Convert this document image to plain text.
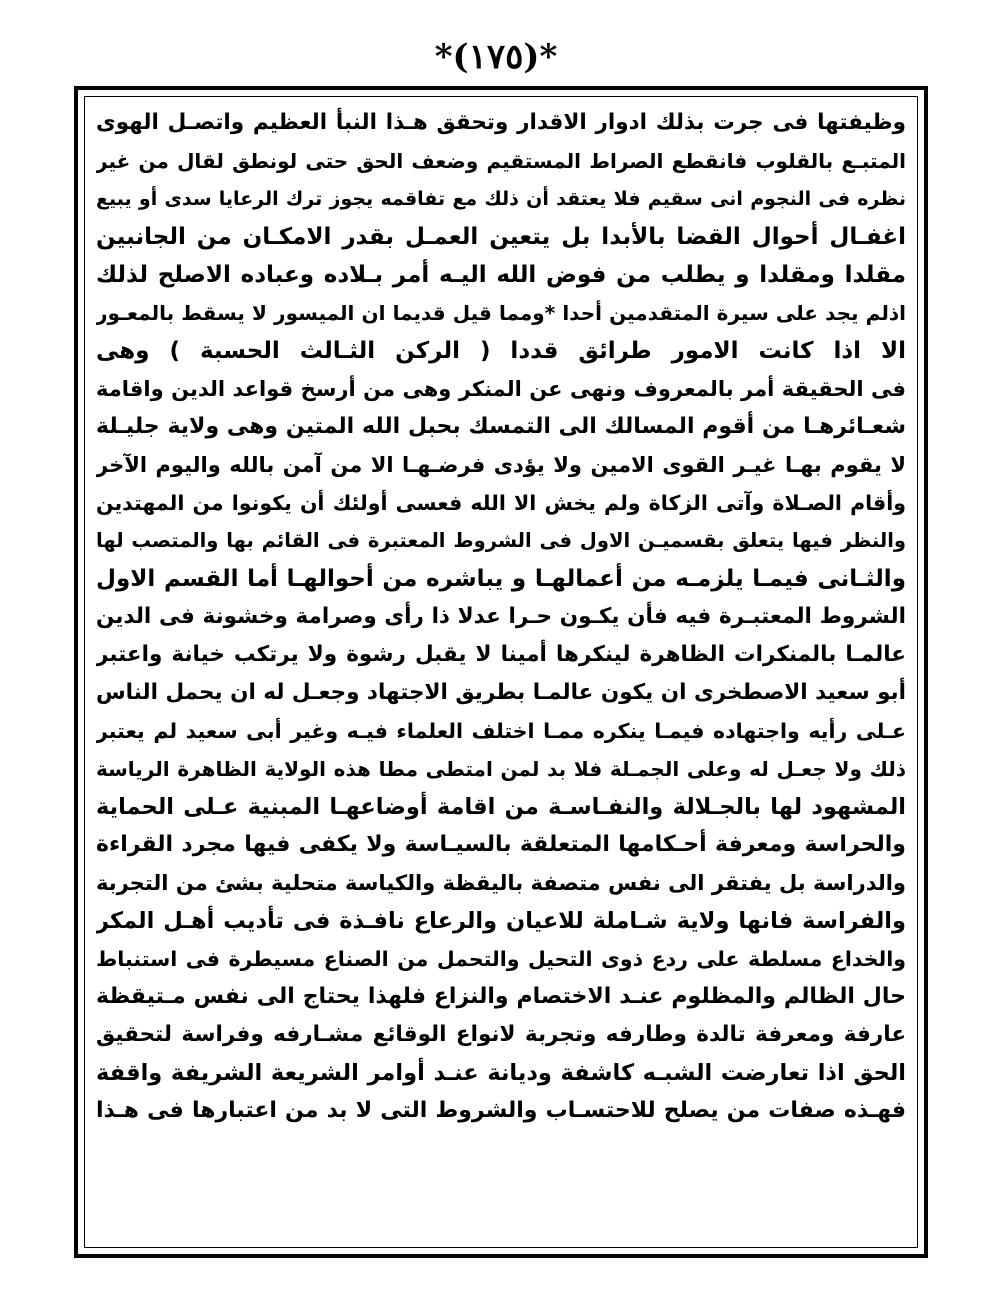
*(١٧٥)*
وظيفتها فى جرت بذلك ادوار الاقدار وتحقق هـذا النبأ العظيم واتصـل الهوى
المتبـع بالقلوب فانقطع الصراط المستقيم وضعف الحق حتى لونطق لقال من غير
نظره فى النجوم انى سقيم فلا يعتقد أن ذلك مع تفاقمه يجوز ترك الرعايا سدى أو يبيع
اغفـال أحوال القضا بالأبدا بل يتعين العمـل بقدر الامكـان من الجانبين
مقلدا ومقلدا و يطلب من فوض الله اليـه أمر بـلاده وعباده الاصلح لذلك
اذلم يجد على سيرة المتقدمين أحدا *ومما قيل قديما ان الميسور لا يسقط بالمعـور
الا اذا كانت الامور طرائق قددا ( الركن الثـالث الحسبة ) وهى
فى الحقيقة أمر بالمعروف ونهى عن المنكر وهى من أرسخ قواعد الدين واقامة
شعـائرهـا من أقوم المسالك الى التمسك بحبل الله المتين وهى ولاية جليـلة
لا يقوم بهـا غيـر القوى الامين ولا يؤدى فرضـهـا الا من آمن بالله واليوم الآخر
وأقام الصـلاة وآتى الزكاة ولم يخش الا الله فعسى أولئك أن يكونوا من المهتدين
والنظر فيها يتعلق بقسميـن الاول فى الشروط المعتبرة فى القائم بها والمتصب لها
والثـانى فيمـا يلزمـه من أعمالهـا و يباشره من أحوالهـا أما القسم الاول
الشروط المعتبـرة فيه فأن يكـون حـرا عدلا ذا رأى وصرامة وخشونة فى الدين
عالمـا بالمنكرات الظاهرة لينكرها أمينا لا يقبل رشوة ولا يرتكب خيانة واعتبر
أبو سعيد الاصطخرى ان يكون عالمـا بطريق الاجتهاد وجعـل له ان يحمل الناس
عـلى رأيه واجتهاده فيمـا ينكره ممـا اختلف العلماء فيـه وغير أبى سعيد لم يعتبر
ذلك ولا جعـل له وعلى الجمـلة فلا بد لمن امتطى مطا هذه الولاية الظاهرة الرياسة
المشهود لها بالجـلالة والنفـاسـة من اقامة أوضاعهـا المبنية عـلى الحماية
والحراسة ومعرفة أحـكامها المتعلقة بالسيـاسة ولا يكفى فيها مجرد القراءة
والدراسة بل يفتقر الى نفس متصفة باليقظة والكياسة متحلية بشئ من التجربة
والفراسة فانها ولاية شـاملة للاعيان والرعاع نافـذة فى تأديب أهـل المكر
والخداع مسلطة على ردع ذوى التحيل والتحمل من الصناع مسيطرة فى استنباط
حال الظالم والمظلوم عنـد الاختصام والنزاع فلهذا يحتاج الى نفس مـتيقظة
عارفة ومعرفة تالدة وطارفه وتجربة لانواع الوقائع مشـارفه وفراسة لتحقيق
الحق اذا تعارضت الشبـه كاشفة وديانة عنـد أوامر الشريعة الشريفة واقفة
فهـذه صفات من يصلح للاحتسـاب والشروط التى لا بد من اعتبارها فى هـذا
